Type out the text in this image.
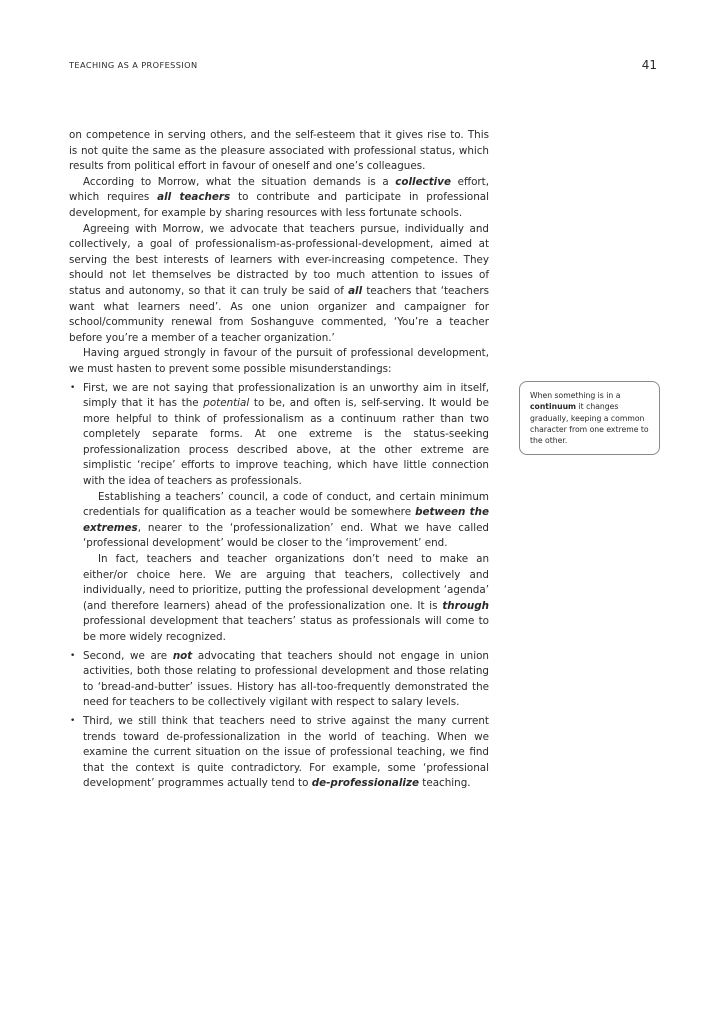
TEACHING AS A PROFESSION	41

on competence in serving others, and the self-esteem that it gives rise to. This is not quite the same as the pleasure associated with professional status, which results from political effort in favour of oneself and one’s colleagues.

According to Morrow, what the situation demands is a collective effort, which requires all teachers to contribute and participate in professional development, for example by sharing resources with less fortunate schools.

Agreeing with Morrow, we advocate that teachers pursue, individually and collectively, a goal of professionalism-as-professional-development, aimed at serving the best interests of learners with ever-increasing competence. They should not let themselves be distracted by too much attention to issues of status and autonomy, so that it can truly be said of all teachers that ‘teachers want what learners need’. As one union organizer and campaigner for school/community renewal from Soshanguve commented, ‘You’re a teacher before you’re a member of a teacher organization.’

Having argued strongly in favour of the pursuit of professional development, we must hasten to prevent some possible misunderstandings:

• First, we are not saying that professionalization is an unworthy aim in itself, simply that it has the potential to be, and often is, self-serving. It would be more helpful to think of professionalism as a continuum rather than two completely separate forms. At one extreme is the status-seeking professionalization process described above, at the other extreme are simplistic ‘recipe’ efforts to improve teaching, which have little connection with the idea of teachers as professionals.

Establishing a teachers’ council, a code of conduct, and certain minimum credentials for qualification as a teacher would be somewhere between the extremes, nearer to the ‘professionalization’ end. What we have called ‘professional development’ would be closer to the ‘improvement’ end.

In fact, teachers and teacher organizations don’t need to make an either/or choice here. We are arguing that teachers, collectively and individually, need to prioritize, putting the professional development ‘agenda’ (and therefore learners) ahead of the professionalization one. It is through professional development that teachers’ status as professionals will come to be more widely recognized.

• Second, we are not advocating that teachers should not engage in union activities, both those relating to professional development and those relating to ‘bread-and-butter’ issues. History has all-too-frequently demonstrated the need for teachers to be collectively vigilant with respect to salary levels.

• Third, we still think that teachers need to strive against the many current trends toward de-professionalization in the world of teaching. When we examine the current situation on the issue of professional teaching, we find that the context is quite contradictory. For example, some ‘professional development’ programmes actually tend to de-professionalize teaching.

When something is in a continuum it changes gradually, keeping a common character from one extreme to the other.
